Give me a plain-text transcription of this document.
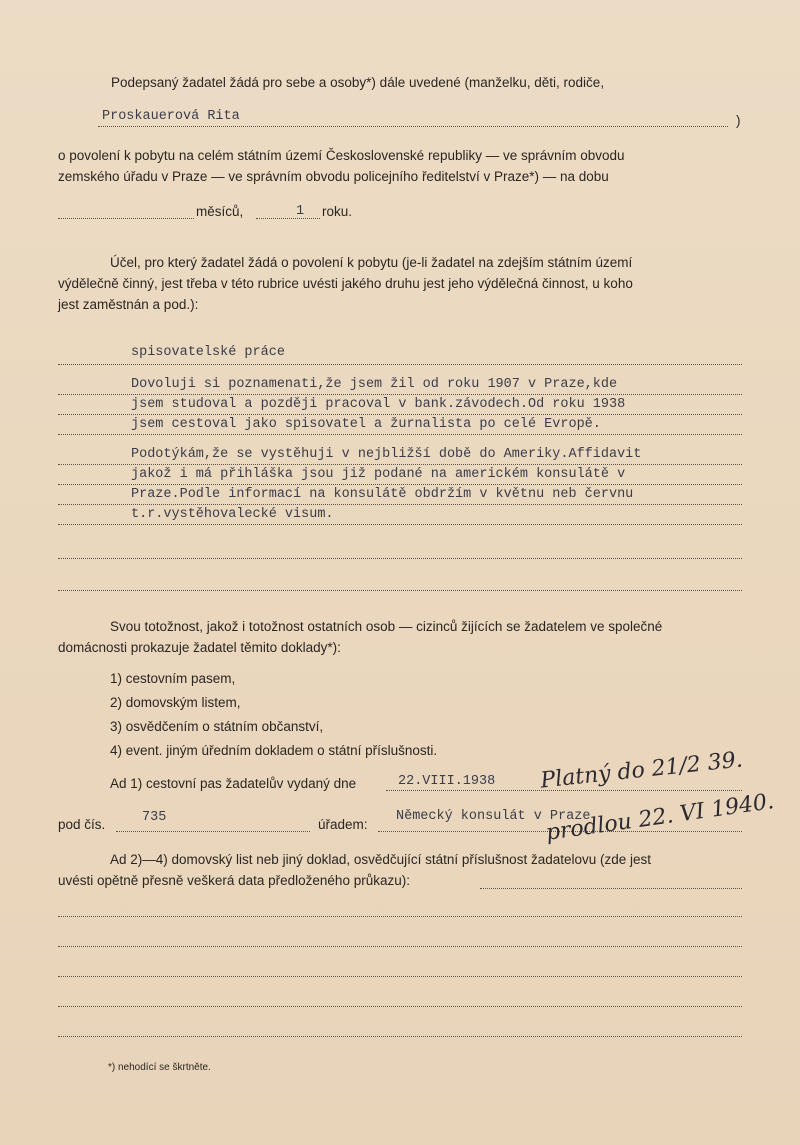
Podepsaný žadatel žádá pro sebe a osoby*) dále uvedené (manželku, děti, rodiče,
Proskauerová Rita	)
o povolení k pobytu na celém státním území Československé republiky — ve správním obvodu
zemského úřadu v Praze — ve správním obvodu policejního ředitelství v Praze*) — na dobu
měsíců,	1 roku.
Účel, pro který žadatel žádá o povolení k pobytu (je-li žadatel na zdejším státním území
výdělečně činný, jest třeba v této rubrice uvésti jakého druhu jest jeho výdělečná činnost, u koho
jest zaměstnán a pod.):
spisovatelské práce
Dovoluji si poznamenati,že jsem žil od roku 1907 v Praze,kde
jsem studoval a později pracoval v bank.závodech.Od roku 1938
jsem cestoval jako spisovatel a žurnalista po celé Evropě.
Podotýkám,že se vystěhuji v nejbližší době do Ameriky.Affidavit
jakož i má přihláška jsou již podané na americkém konsulátě v
Praze.Podle informací na konsulátě obdržím v květnu neb červnu
t.r.vystěhovalecké visum.
Svou totožnost, jakož i totožnost ostatních osob — cizinců žijících se žadatelem ve společné
domácnosti prokazuje žadatel těmito doklady*):
1) cestovním pasem,
2) domovským listem,
3) osvědčením o státním občanství,
4) event. jiným úředním dokladem o státní příslušnosti.
Ad 1) cestovní pas žadatelův vydaný dne	22.VIII.1938
pod čís.	735	úřadem:
Německý konsulát v Praze
Ad 2)—4) domovský list neb jiný doklad, osvědčující státní příslušnost žadatelovu (zde jest
uvésti opětně přesně veškerá data předloženého průkazu):
Platný do 21/2 39.
prodlou 22. VI 1940.
*) nehodící se škrtněte.
